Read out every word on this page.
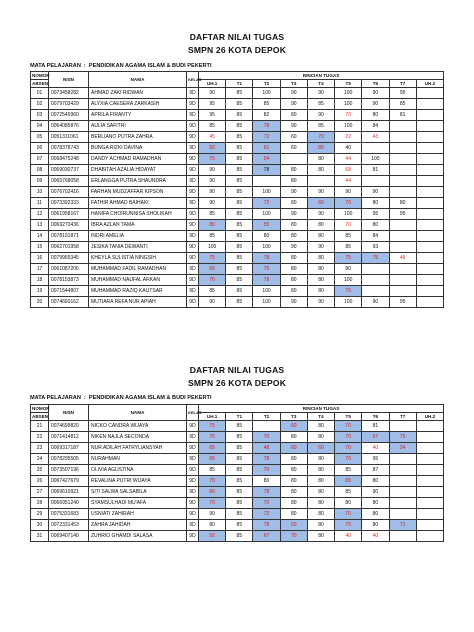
DAFTAR NILAI TUGAS
SMPN 26 KOTA DEPOK
MATA PELAJARAN : PENDIDIKAN AGAMA ISLAM & BUDI PEKERTI
NOMOR	NISN	NAMA	KELAS	RINCIAN TUGAS								
ABSEN				UH.1	T1	T2	T3	T4	T5	T6	T7	UH.2
01	0073458282	AHMAD ZAKI RIDWAN	9D	90	85	100	90	90	100	90	95	
02	0079703429	ALYXIA CAESERA ZARKASIH	9D	95	85	85	90	85	100	90	85	
03	0072545960	APRILA FIRANTY	9D	95	85	82	80	90	70	80	81	
04	0064085876	AULIA SAFITRI	9D	85	85	78	90	85	100	84		
05	0051311061	BERLIANO PUTRA ZAHRA	9D	45	85	72	60	70	22	43		
06	0078378743	BUNGA RIZKI DAVINA	9D	50	85	61	60	80	40			
07	0068475248	DANDY ACHMAD RAMADHAN	9D	75	85	54		80	44	100		
08	0069030737	DHABITAH AZALIA HIDAYAT	9D	90	85	78	80	80	68	81		
09	0065768058	ERLANGGA PUTRA SHAUNDRA	9D	90	85		80		44			
10	0076702416	FARHAN MUDZAFFAR KIPSON	9D	90	85	100	90	90	90	90		
11	0073392333	FATHIR AHMAD BAIHAKI	9D	90	85	72	80	60	70	80	80	
12	0061958167	HANIFA CHOIRUNNISA SHOLIKAH	9D	85	85	100	90	90	100	95	95	
13	0069270436	IBRA AZLAN TAMA	9D	80	85	55	80	80	70	80		
14	0078191871	INDRI AMELIA	9D	85	85	80	80	80	85	84		
15	0062701958	JESIKA TANIA DEWANTI	9D	100	85	100	90	90	85	93		
16	0079965345	KHEYLA SULISTIA NINGSIH	9D	75	85	78	80	80	75	75	48	
17	0061087206	MUHAMMAD FADIL RAMADHAN	9D	65	85	75	80	80	80			
18	0078153873	MUHAMMAD NAUFAL ARKAN	9D	70	85	78	80	80	100			
19	0071544807	MUHAMMAD RAZIQ KAUTSAR	9D	85	85	100	80	80	75			
20	0074660162	MUTIARA REFA NUR APIAH	9D	90	85	100	90	90	100	90	95	
DAFTAR NILAI TUGAS
SMPN 26 KOTA DEPOK
MATA PELAJARAN : PENDIDIKAN AGAMA ISLAM & BUDI PEKERTI
NOMOR	NISN	NAMA	KELAS	RINCIAN TUGAS								
ABSEN				UH.1	T1	T2	T3	T4	T5	T6	T7	UH.2
21	0074699820	NICKO CANDRA WIJAYA	9D	75	85		60	80	70	81		
22	0071414812	NIKEN NAJLA SECONDA	9D	75	85	70	80	80	70	57	75	
23	0069317187	NUR ADILAH FATRYLIANSYAH	9D	65	85	48	60	60	70	40	24	
24	0078295505	NURAHMAN	9D	65	85	78	80	80	70	95		
25	0073507196	OLIVIA AGUSTINA	9D	85	85	70	80	80	85	87		
26	0067427679	REVALINA PUTRI WIJAYA	9D	70	85	80	80	80	65	80		
27	0069610921	SITI SALWA SALSABILA	9D	60	85	78	80	80	85	90		
28	0066951240	SYAMSULHADI MU'AFA	9D	70	85	70	80	80	80	80		
29	0075331683	USNIATI ZAHIRAH	9D	90	85	72	80	80	70	80		
30	0072331453	ZAHRA JAHIDAH	9D	80	85	78	60	80	75	80	71	
31	0069407140	ZUHRIO GHAMDI SALASA	9D	50	85	67	70	80	40	40		
